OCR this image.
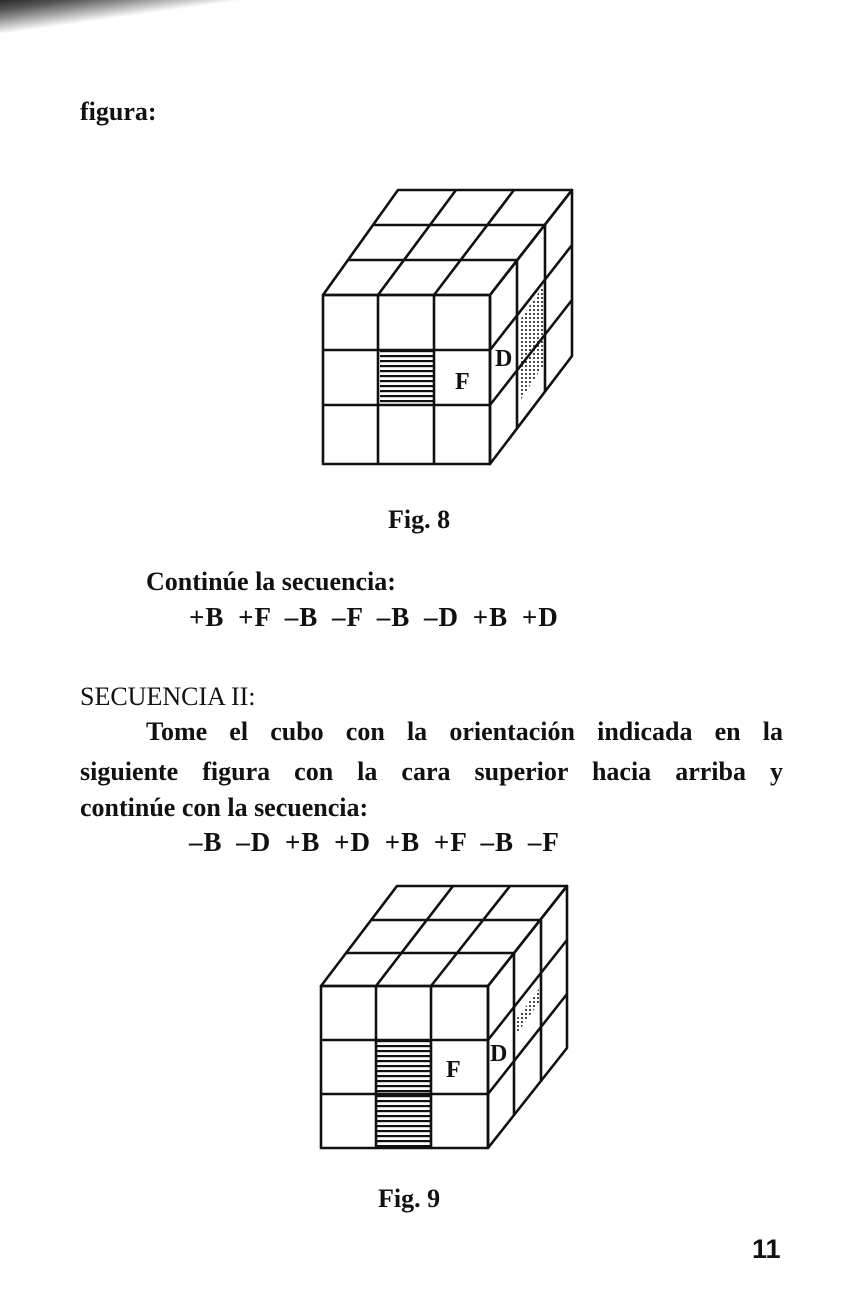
figura:

F
D

Fig. 8

Continúe la secuencia:

+B +F –B –F –B –D +B +D

SECUENCIA II:

Tome el cubo con la orientación indicada en la

siguiente figura con la cara superior hacia arriba y

continúe con la secuencia:

–B –D +B +D +B +F –B –F

F
D

Fig. 9

11
